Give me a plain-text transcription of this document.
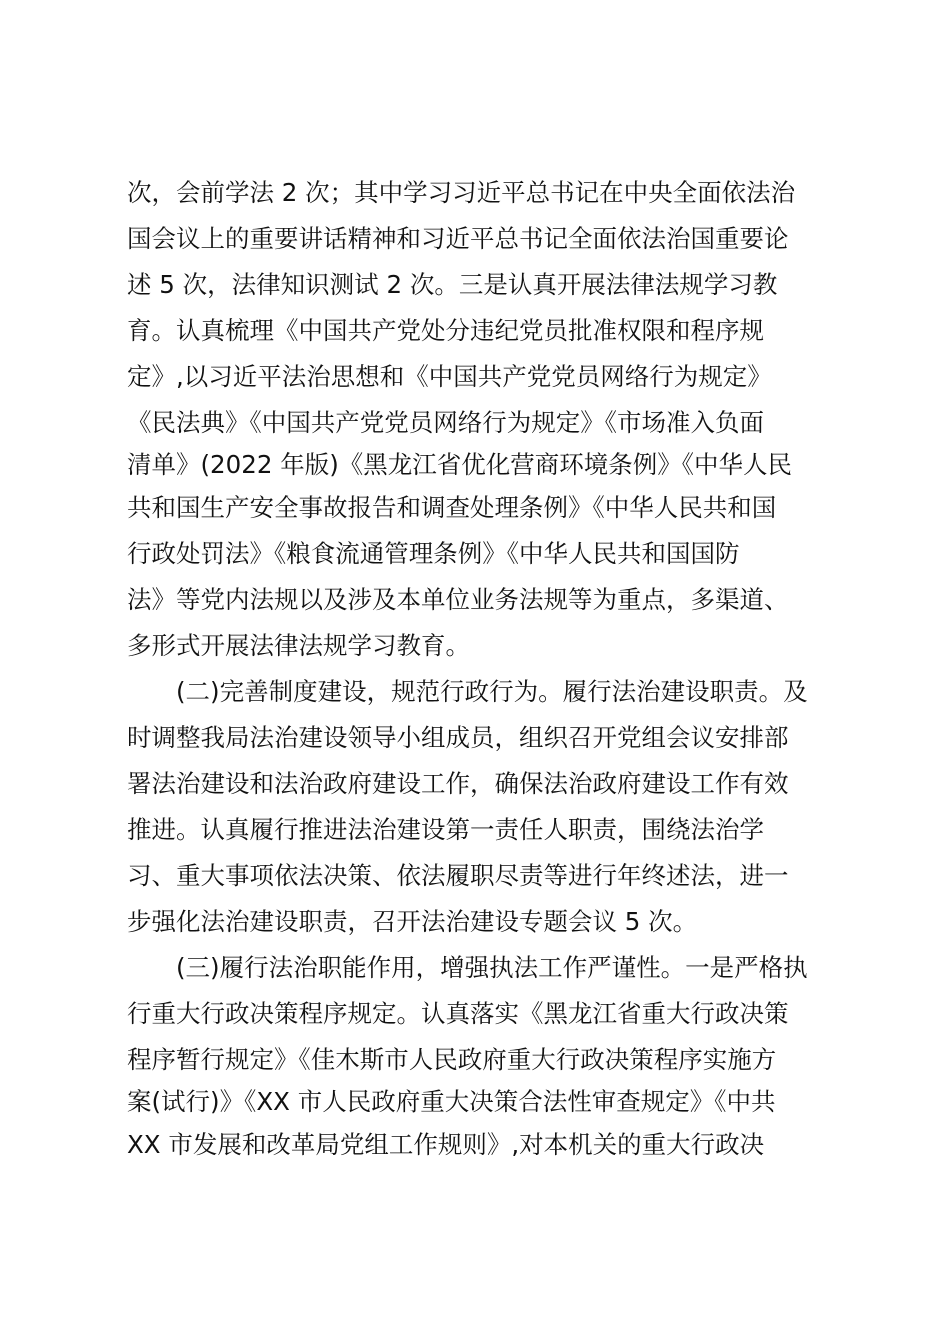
次，会前学法 2 次；其中学习习近平总书记在中央全面依法治
国会议上的重要讲话精神和习近平总书记全面依法治国重要论
述 5 次，法律知识测试 2 次。三是认真开展法律法规学习教
育。认真梳理《中国共产党处分违纪党员批准权限和程序规
定》,以习近平法治思想和《中国共产党党员网络行为规定》
《民法典》《中国共产党党员网络行为规定》《市场准入负面
清单》(2022 年版)《黑龙江省优化营商环境条例》《中华人民
共和国生产安全事故报告和调查处理条例》《中华人民共和国
行政处罚法》《粮食流通管理条例》《中华人民共和国国防
法》等党内法规以及涉及本单位业务法规等为重点，多渠道、
多形式开展法律法规学习教育。
(二)完善制度建设，规范行政行为。履行法治建设职责。及
时调整我局法治建设领导小组成员，组织召开党组会议安排部
署法治建设和法治政府建设工作，确保法治政府建设工作有效
推进。认真履行推进法治建设第一责任人职责，围绕法治学
习、重大事项依法决策、依法履职尽责等进行年终述法，进一
步强化法治建设职责，召开法治建设专题会议 5 次。
(三)履行法治职能作用，增强执法工作严谨性。一是严格执
行重大行政决策程序规定。认真落实《黑龙江省重大行政决策
程序暂行规定》《佳木斯市人民政府重大行政决策程序实施方
案(试行)》《XX 市人民政府重大决策合法性审查规定》《中共
XX 市发展和改革局党组工作规则》,对本机关的重大行政决
